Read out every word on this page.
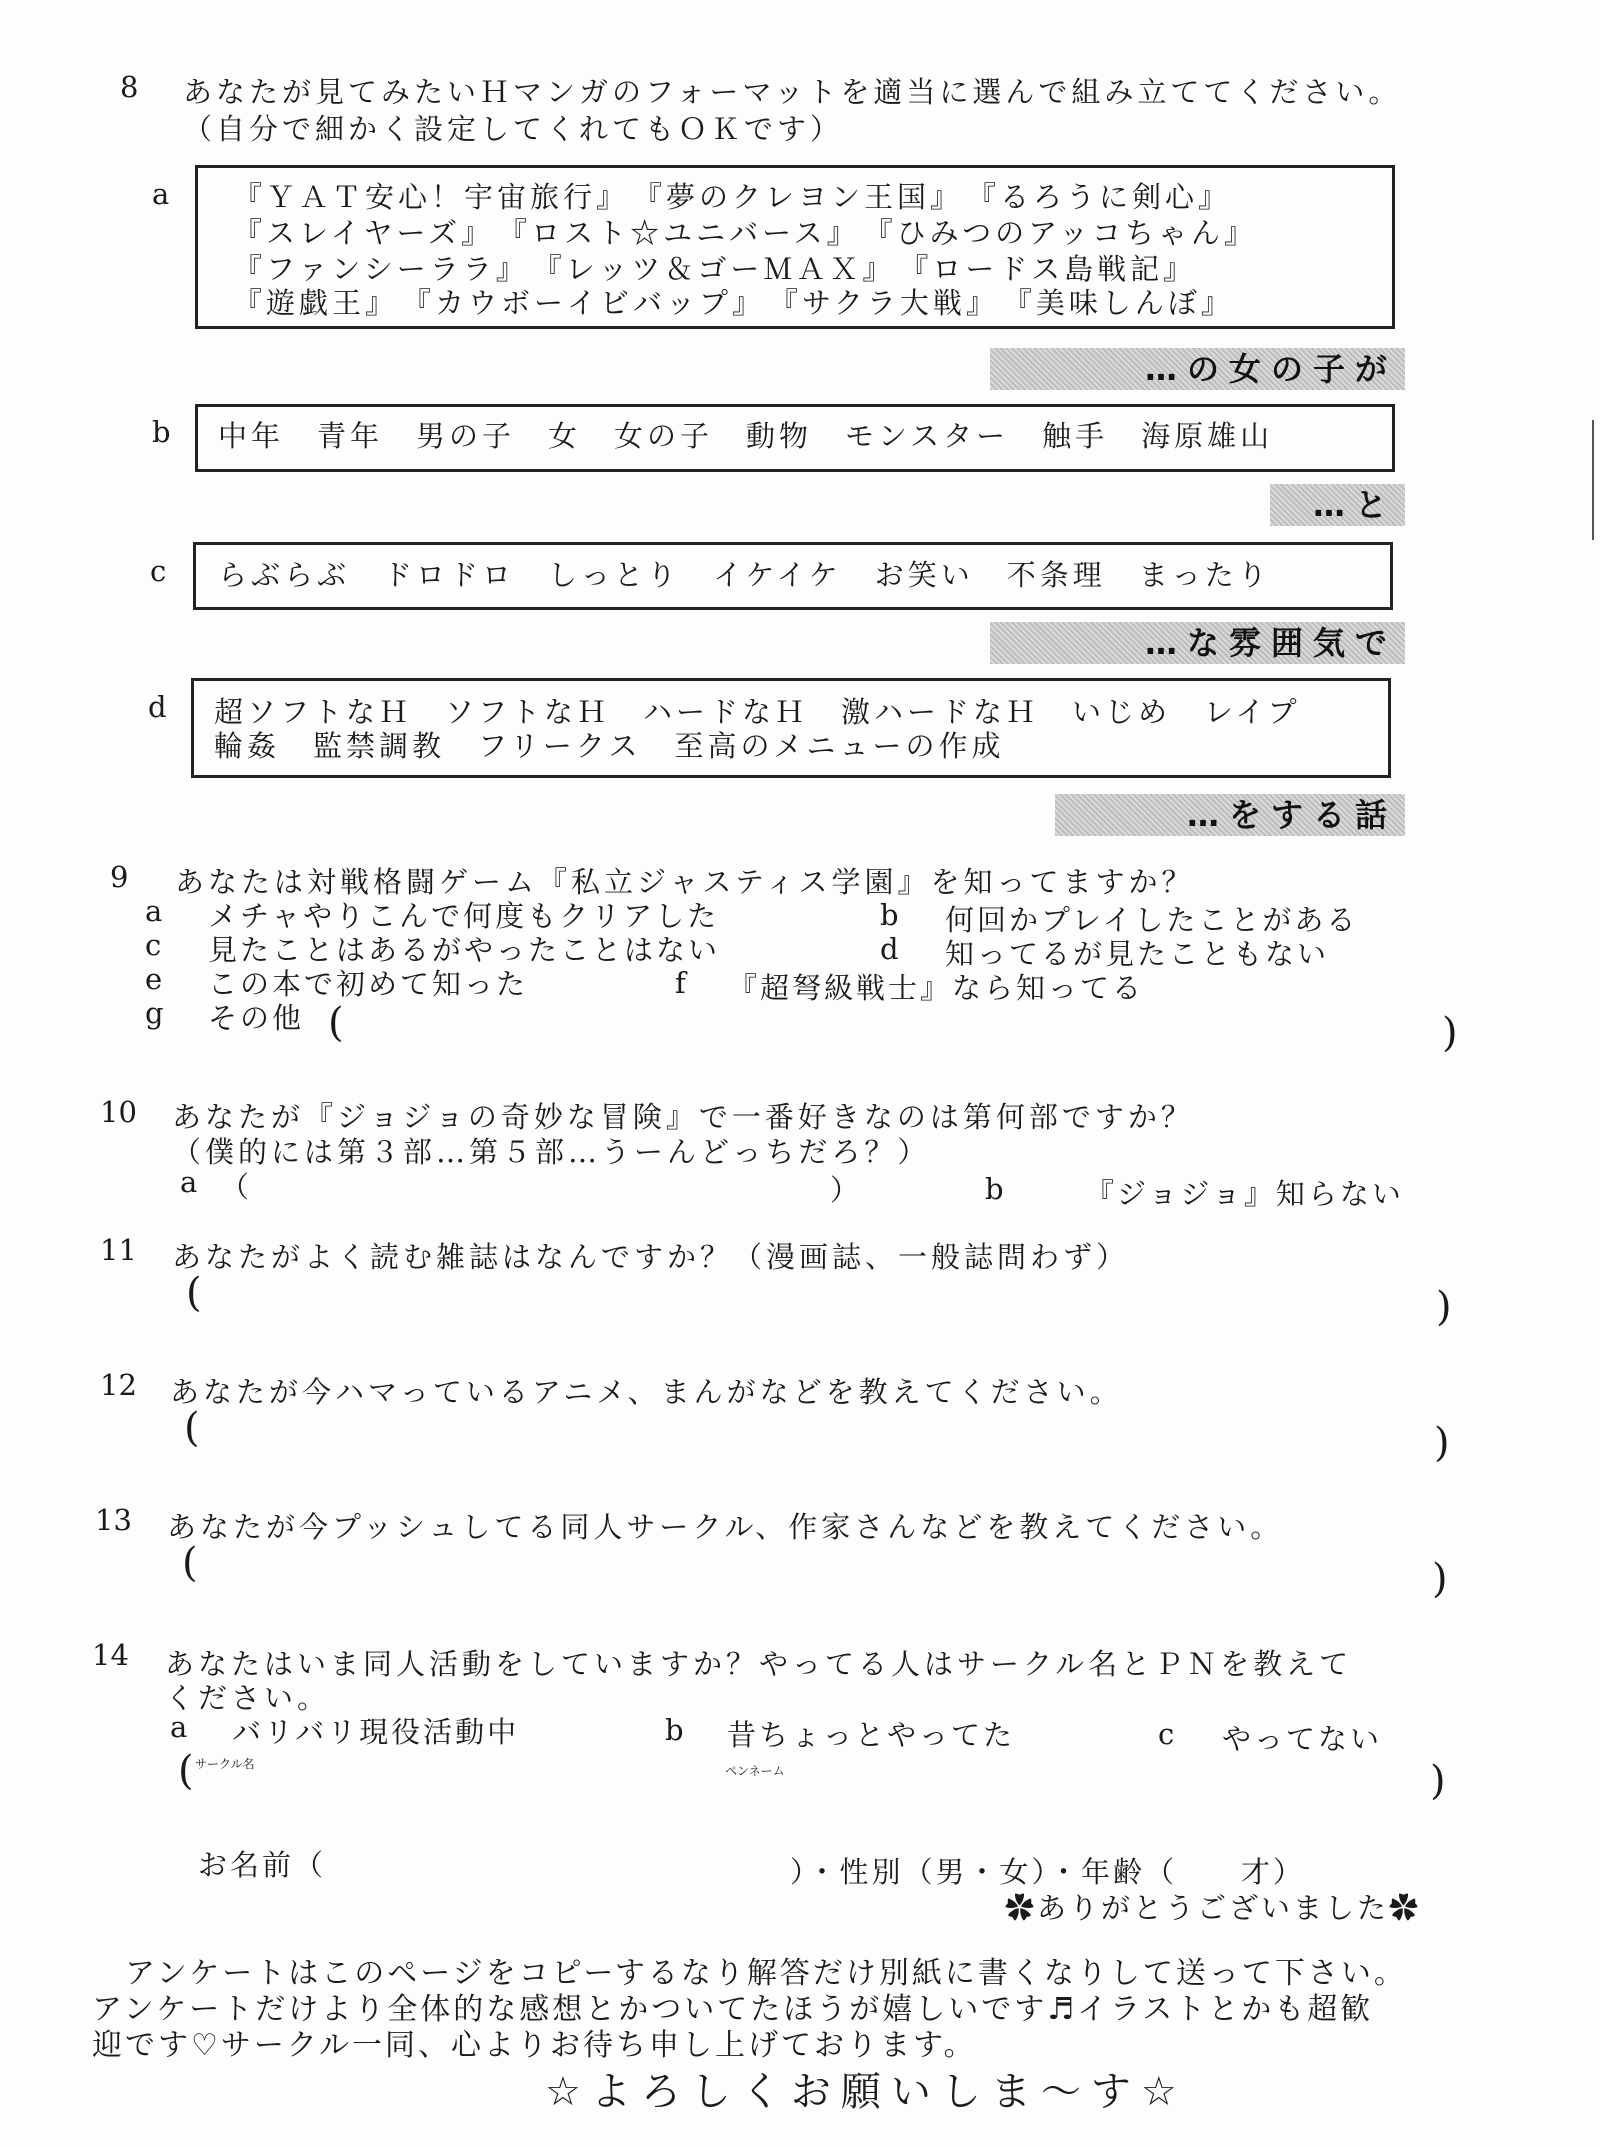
8 あなたが見てみたいＨマンガのフォーマットを適当に選んで組み立ててください。
（自分で細かく設定してくれてもＯＫです）
a 『ＹＡＴ安心！宇宙旅行』　『夢のクレヨン王国』　『るろうに剣心』
『スレイヤーズ』　『ロスト☆ユニバース』　『ひみつのアッコちゃん』
『ファンシーララ』　『レッツ＆ゴーＭＡＸ』　『ロードス島戦記』
『遊戯王』　『カウボーイビバップ』　『サクラ大戦』　『美味しんぼ』
…の女の子が
b 中年　青年　男の子　女　女の子　動物　モンスター　触手　海原雄山
…と
c らぶらぶ　ドロドロ　しっとり　イケイケ　お笑い　不条理　まったり
…な雰囲気で
d 超ソフトなＨ　ソフトなＨ　ハードなＨ　激ハードなＨ　いじめ　レイプ
輪姦　監禁調教　フリークス　至高のメニューの作成
…をする話
9 あなたは対戦格闘ゲーム『私立ジャスティス学園』を知ってますか？
a メチャやりこんで何度もクリアした	b 何回かプレイしたことがある
c 見たことはあるがやったことはない	d 知ってるが見たこともない
e この本で初めて知った	f 『超弩級戦士』なら知ってる
g その他 (	)
10 あなたが『ジョジョの奇妙な冒険』で一番好きなのは第何部ですか？
（僕的には第３部…第５部…うーんどっちだろ？）
a （	）	b	『ジョジョ』知らない
11 あなたがよく読む雑誌はなんですか？（漫画誌、一般誌問わず）
(	)
12 あなたが今ハマっているアニメ、まんがなどを教えてください。
(	)
13 あなたが今プッシュしてる同人サークル、作家さんなどを教えてください。
(	)
14 あなたはいま同人活動をしていますか？やってる人はサークル名とＰＮを教えて
ください。
a バリバリ現役活動中	b 昔ちょっとやってた	c やってない
( サークル名	ペンネーム	)
お名前（	）・性別（男・女）・年齢（　　才）
✿ありがとうございました✿
　アンケートはこのページをコピーするなり解答だけ別紙に書くなりして送って下さい。
アンケートだけより全体的な感想とかついてたほうが嬉しいです♬イラストとかも超歓
迎です♡サークル一同、心よりお待ち申し上げております。
☆よろしくお願いしま～す☆
